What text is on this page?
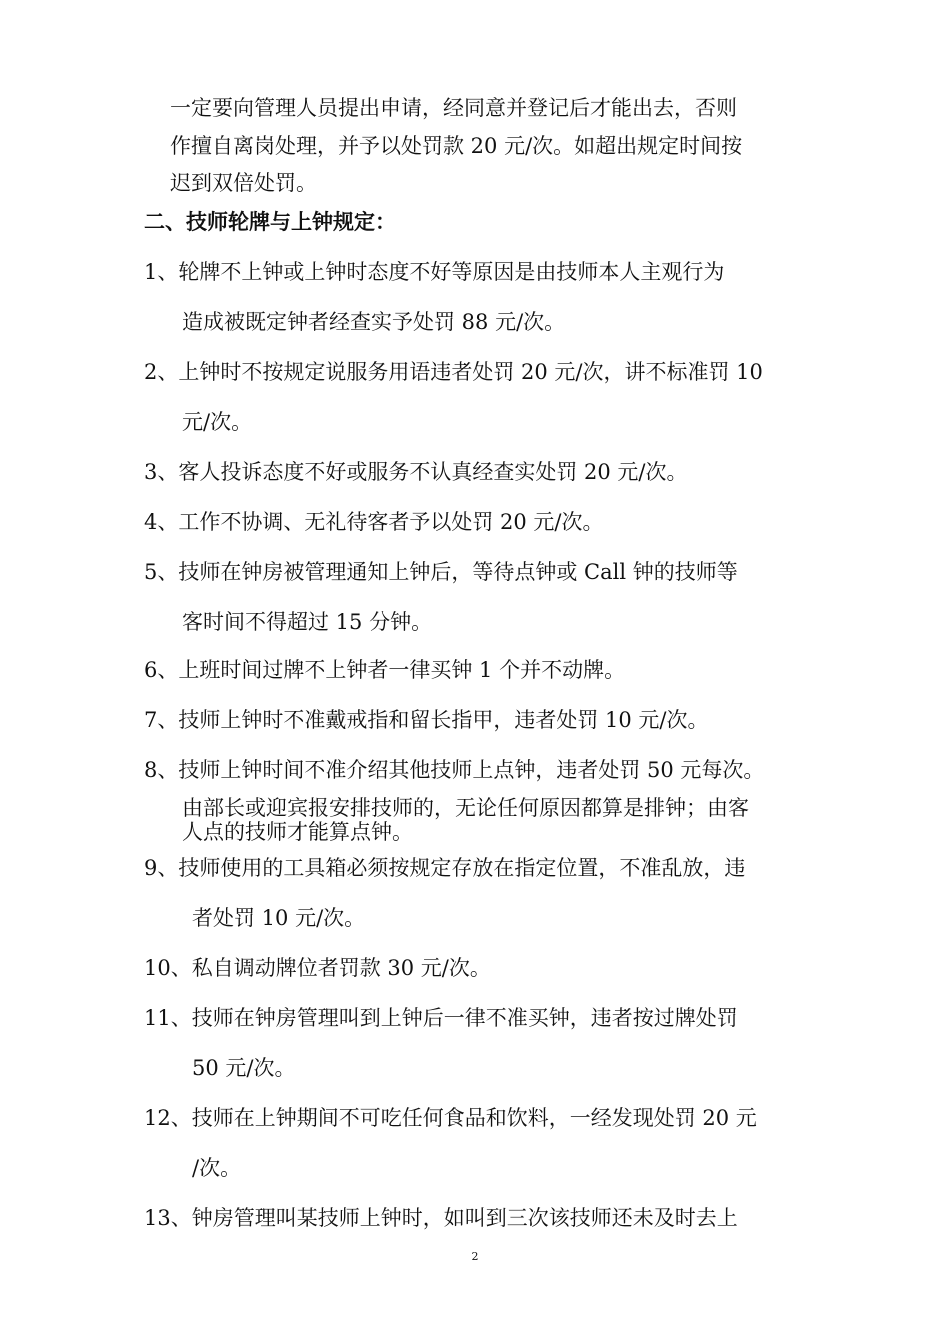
一定要向管理人员提出申请，经同意并登记后才能出去，否则
作擅自离岗处理，并予以处罚款 20 元/次。如超出规定时间按
迟到双倍处罚。
二、技师轮牌与上钟规定：
1、轮牌不上钟或上钟时态度不好等原因是由技师本人主观行为
造成被既定钟者经查实予处罚 88 元/次。
2、上钟时不按规定说服务用语违者处罚 20 元/次，讲不标准罚 10
元/次。
3、客人投诉态度不好或服务不认真经查实处罚 20 元/次。
4、工作不协调、无礼待客者予以处罚 20 元/次。
5、技师在钟房被管理通知上钟后，等待点钟或 Call 钟的技师等
客时间不得超过 15 分钟。
6、上班时间过牌不上钟者一律买钟 1 个并不动牌。
7、技师上钟时不准戴戒指和留长指甲，违者处罚 10 元/次。
8、技师上钟时间不准介绍其他技师上点钟，违者处罚 50 元每次。
由部长或迎宾报安排技师的，无论任何原因都算是排钟；由客
人点的技师才能算点钟。
9、技师使用的工具箱必须按规定存放在指定位置，不准乱放，违
者处罚 10 元/次。
10、私自调动牌位者罚款 30 元/次。
11、技师在钟房管理叫到上钟后一律不准买钟，违者按过牌处罚
50 元/次。
12、技师在上钟期间不可吃任何食品和饮料，一经发现处罚 20 元
/次。
13、钟房管理叫某技师上钟时，如叫到三次该技师还未及时去上
2
